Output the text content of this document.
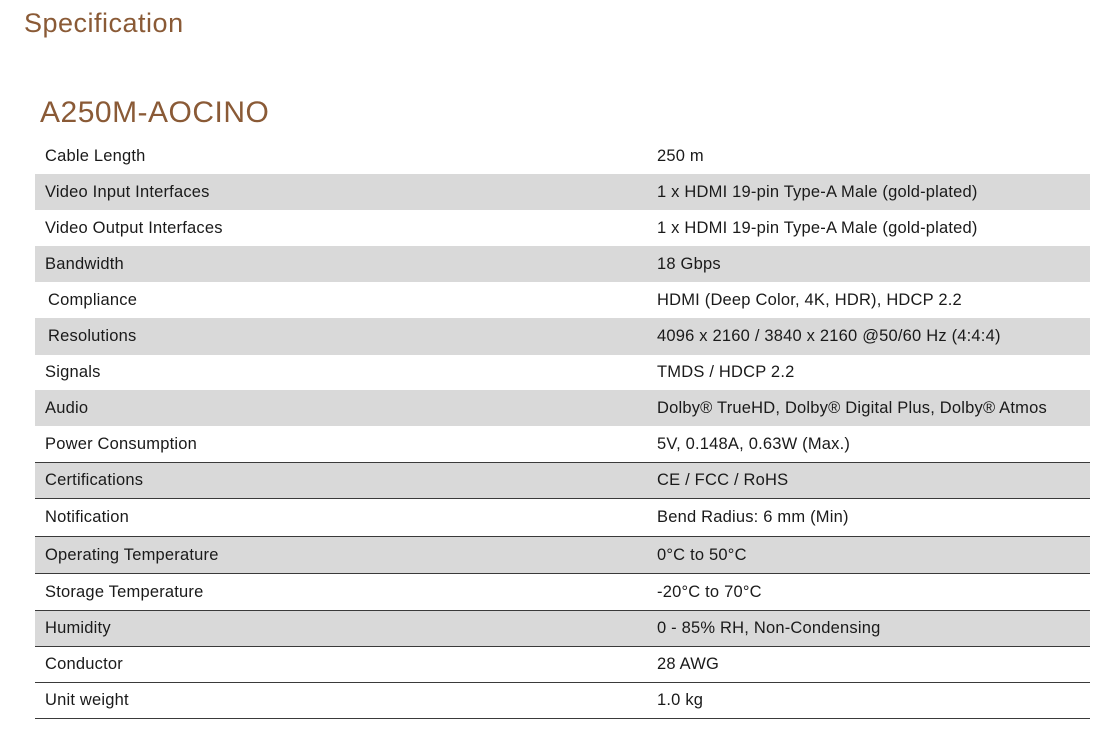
Specification
A250M-AOCINO
Cable Length	250 m
Video Input Interfaces	1 x HDMI 19-pin Type-A Male (gold-plated)
Video Output Interfaces	1 x HDMI 19-pin Type-A Male (gold-plated)
Bandwidth	18 Gbps
Compliance	HDMI (Deep Color, 4K, HDR), HDCP 2.2
Resolutions	4096 x 2160 / 3840 x 2160 @50/60 Hz (4:4:4)
Signals	TMDS / HDCP 2.2
Audio	Dolby® TrueHD, Dolby® Digital Plus, Dolby® Atmos
Power Consumption	5V, 0.148A, 0.63W (Max.)
Certifications	CE / FCC / RoHS
Notification	Bend Radius: 6 mm (Min)
Operating Temperature	0°C to 50°C
Storage Temperature	-20°C to 70°C
Humidity	0 - 85% RH, Non-Condensing
Conductor	28 AWG
Unit weight	1.0 kg
